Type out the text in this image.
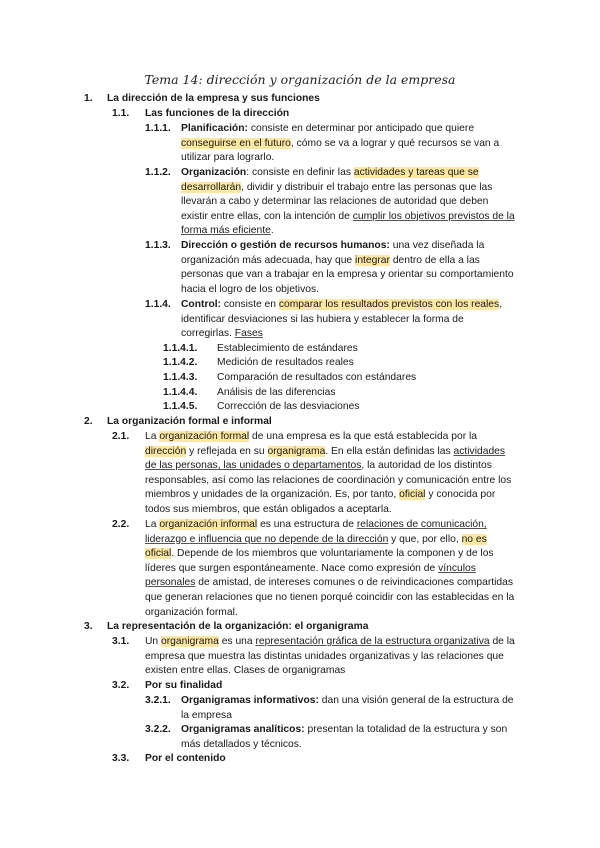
Tema 14: dirección y organización de la empresa
1. La dirección de la empresa y sus funciones
1.1. Las funciones de la dirección
1.1.1. Planificación: consiste en determinar por anticipado que quiere
conseguirse en el futuro, cómo se va a lograr y qué recursos se van a
utilizar para lograrlo.
1.1.2. Organización: consiste en definir las actividades y tareas que se
desarrollarán, dividir y distribuir el trabajo entre las personas que las
llevarán a cabo y determinar las relaciones de autoridad que deben
existir entre ellas, con la intención de cumplir los objetivos previstos de la
forma más eficiente.
1.1.3. Dirección o gestión de recursos humanos: una vez diseñada la
organización más adecuada, hay que integrar dentro de ella a las
personas que van a trabajar en la empresa y orientar su comportamiento
hacia el logro de los objetivos.
1.1.4. Control: consiste en comparar los resultados previstos con los reales,
identificar desviaciones si las hubiera y establecer la forma de
corregirlas. Fases
1.1.4.1. Establecimiento de estándares
1.1.4.2. Medición de resultados reales
1.1.4.3. Comparación de resultados con estándares
1.1.4.4. Análisis de las diferencias
1.1.4.5. Corrección de las desviaciones
2. La organización formal e informal
2.1. La organización formal de una empresa es la que está establecida por la
dirección y reflejada en su organigrama. En ella están definidas las actividades
de las personas, las unidades o departamentos, la autoridad de los distintos
responsables, así como las relaciones de coordinación y comunicación entre los
miembros y unidades de la organización. Es, por tanto, oficial y conocida por
todos sus miembros, que están obligados a aceptarla.
2.2. La organización informal es una estructura de relaciones de comunicación,
liderazgo e influencia que no depende de la dirección y que, por ello, no es
oficial. Depende de los miembros que voluntariamente la componen y de los
líderes que surgen espontáneamente. Nace como expresión de vínculos
personales de amistad, de intereses comunes o de reivindicaciones compartidas
que generan relaciones que no tienen porqué coincidir con las establecidas en la
organización formal.
3. La representación de la organización: el organigrama
3.1. Un organigrama es una representación gráfica de la estructura organizativa de la
empresa que muestra las distintas unidades organizativas y las relaciones que
existen entre ellas. Clases de organigramas
3.2. Por su finalidad
3.2.1. Organigramas informativos: dan una visión general de la estructura de
la empresa
3.2.2. Organigramas analíticos: presentan la totalidad de la estructura y son
más detallados y técnicos.
3.3. Por el contenido
